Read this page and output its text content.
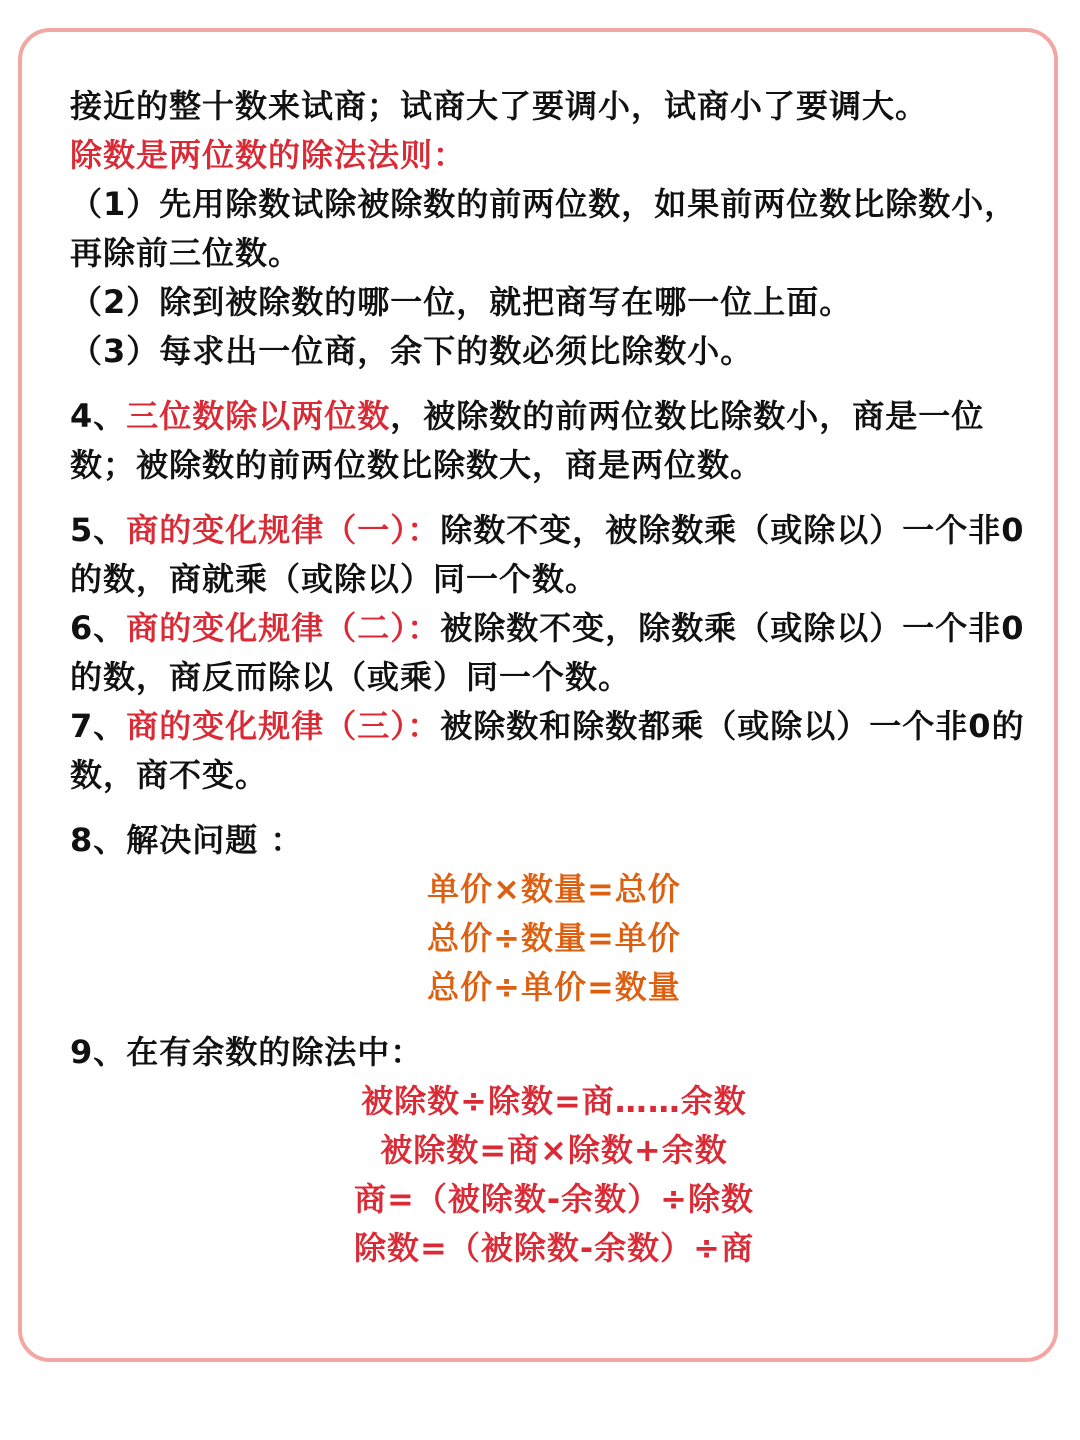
接近的整十数来试商；试商大了要调小，试商小了要调大。

除数是两位数的除法法则：

（1）先用除数试除被除数的前两位数，如果前两位数比除数小，再除前三位数。

（2）除到被除数的哪一位，就把商写在哪一位上面。

（3）每求出一位商，余下的数必须比除数小。

4、三位数除以两位数，被除数的前两位数比除数小，商是一位数；被除数的前两位数比除数大，商是两位数。

5、商的变化规律（一）：除数不变，被除数乘（或除以）一个非0的数，商就乘（或除以）同一个数。

6、商的变化规律（二）：被除数不变，除数乘（或除以）一个非0的数，商反而除以（或乘）同一个数。

7、商的变化规律（三）：被除数和除数都乘（或除以）一个非0的数，商不变。

8、解决问题 ：

单价×数量=总价

总价÷数量=单价

总价÷单价=数量

9、在有余数的除法中：

被除数÷除数=商……余数

被除数=商×除数+余数

商=（被除数-余数）÷除数

除数=（被除数-余数）÷商
